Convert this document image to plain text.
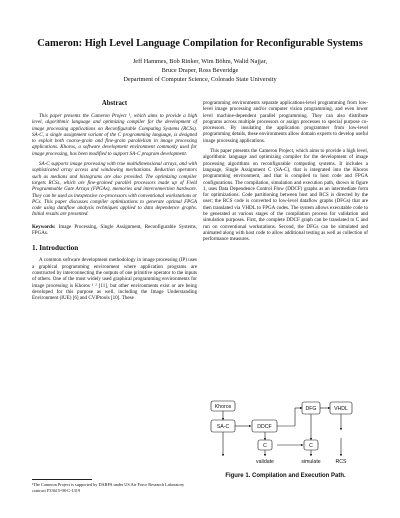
Cameron: High Level Language Compilation for Reconfigurable Systems
Jeff Hammes, Bob Rinker, Wim Böhm, Walid Najjar,
Bruce Draper, Ross Beveridge
Department of Computer Science, Colorado State University
Abstract

This paper presents the Cameron Project ¹, which aims to provide a high level, algorithmic language and optimizing compiler for the development of image processing applications on Reconfigurable Computing Systems (RCSs). SA-C, a single assignment variant of the C programming language, is designed to exploit both coarse-grain and fine-grain parallelism in image processing applications. Khoros, a software development environment commonly used for image processing, has been modified to support SA-C program development.

SA-C supports image processing with true multidimensional arrays, and with sophisticated array access and windowing mechanisms. Reduction operators such as medians and histograms are also provided. The optimizing compiler targets RCSs, which are fine-grained parallel processors made up of Field Programmable Gate Arrays (FPGAs), memories and interconnection hardware. They can be used as inexpensive co-processors with conventional workstations or PCs. This paper discusses compiler optimizations to generate optimal FPGA code using dataflow analysis techniques applied to data dependence graphs. Initial results are presented.

Keywords: Image Processing, Single Assignment, Reconfigurable Systems, FPGAs.

1. Introduction

A common software development methodology in image processing (IP) uses a graphical programming environment where application programs are constructed by interconnecting the outputs of one primitive operator to the inputs of others. One of the most widely used graphical programming environments for image processing is Khoros ¹ ² [11], but other environments exist or are being developed for this purpose as well, including the Image Understanding Environment (IUE) [6] and CVIPtools [10]. These

¹The Cameron Project is supported by DARPA under US Air Force Research Laboratory contract F33615-98-C-1319

programming environments separate applications-level programming from low-level image processing and/or computer vision programming, and even lower level machine-dependent parallel programming. They can also distribute programs across multiple processors or assign processes to special purpose co-processors. By insulating the application programmer from low-level programming details, these environments allow domain experts to develop useful image processing applications.

This paper presents the Cameron Project, which aims to provide a high level, algorithmic language and optimizing compiler for the development of image processing algorithms on reconfigurable computing systems. It includes a language, Single Assignment C (SA-C), that is integrated into the Khoros programming environment, and that is compiled to host code and FPGA configurations. The compilation, simulation and execution path, shown in figure 1, uses Data Dependence Control Flow (DDCF) graphs as an intermediate form for optimizations. Code partitioning between host and RCS is directed by the user; the RCS code is converted to low-level dataflow graphs (DFGs) that are then translated via VHDL to FPGA codes. The system allows executable code to be generated at various stages of the compilation process for validation and simulation purposes. First, the complete DDCF graph can be translated to C and run on conventional workstations. Second, the DFGs can be simulated and animated along with host code to allow additional testing as well as collection of performance measures.

Khoros
SA-C	DDCF
DFG	VHDL
C	C
validate	simulate	RCS
Figure 1. Compilation and Execution Path.
